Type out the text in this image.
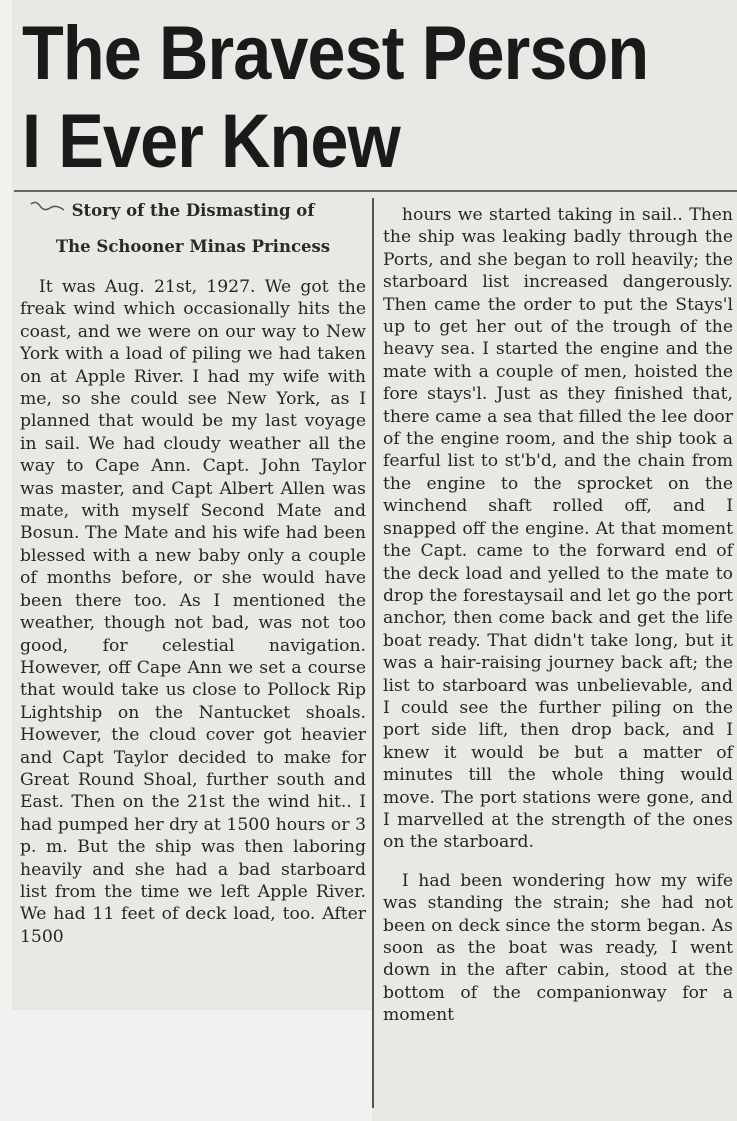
The Bravest Person
I Ever Knew
Story of the Dismasting of
The Schooner Minas Princess

It was Aug. 21st, 1927. We got the freak wind which occasionally hits the coast, and we were on our way to New York with a load of piling we had taken on at Apple River. I had my wife with me, so she could see New York, as I planned that would be my last voyage in sail. We had cloudy weather all the way to Cape Ann. Capt. John Taylor was master, and Capt Albert Allen was mate, with myself Second Mate and Bosun. The Mate and his wife had been blessed with a new baby only a couple of months before, or she would have been there too. As I mentioned the weather, though not bad, was not too good, for celestial navigation. However, off Cape Ann we set a course that would take us close to Pollock Rip Lightship on the Nantucket shoals. However, the cloud cover got heavier and Capt Taylor decided to make for Great Round Shoal, further south and East. Then on the 21st the wind hit.. I had pumped her dry at 1500 hours or 3 p. m. But the ship was then laboring heavily and she had a bad starboard list from the time we left Apple River. We had 11 feet of deck load, too. After 1500

hours we started taking in sail.. Then the ship was leaking badly through the Ports, and she began to roll heavily; the starboard list increased dangerously. Then came the order to put the Stays'l up to get her out of the trough of the heavy sea. I started the engine and the mate with a couple of men, hoisted the fore stays'l. Just as they finished that, there came a sea that filled the lee door of the engine room, and the ship took a fearful list to st'b'd, and the chain from the engine to the sprocket on the winchend shaft rolled off, and I snapped off the engine. At that moment the Capt. came to the forward end of the deck load and yelled to the mate to drop the forestaysail and let go the port anchor, then come back and get the life boat ready. That didn't take long, but it was a hair-raising journey back aft; the list to starboard was unbelievable, and I could see the further piling on the port side lift, then drop back, and I knew it would be but a matter of minutes till the whole thing would move. The port stations were gone, and I marvelled at the strength of the ones on the starboard.

I had been wondering how my wife was standing the strain; she had not been on deck since the storm began. As soon as the boat was ready, I went down in the after cabin, stood at the bottom of the companionway for a moment
